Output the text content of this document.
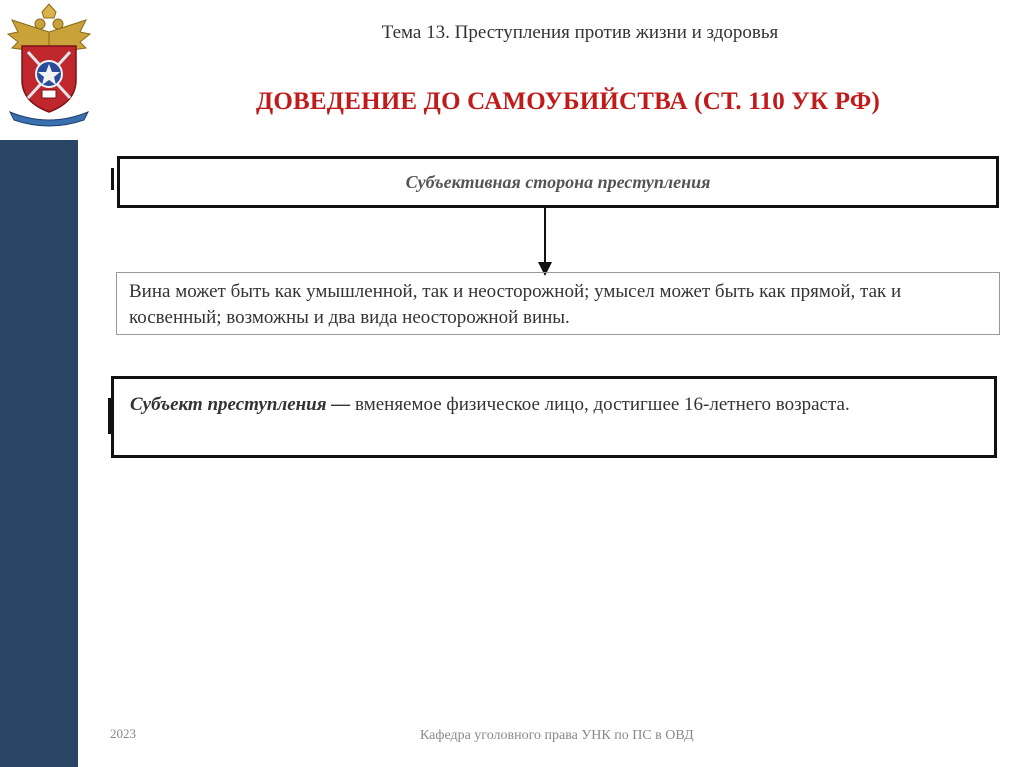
Тема 13. Преступления против жизни и здоровья
ДОВЕДЕНИЕ ДО САМОУБИЙСТВА (СТ. 110 УК РФ)
Субъективная сторона преступления
Вина может быть как умышленной, так и неосторожной; умысел может быть как прямой, так и косвенный; возможны и два вида неосторожной вины.
Субъект преступления — вменяемое физическое лицо, достигшее 16-летнего возраста.
2023	Кафедра уголовного права УНК по ПС в ОВД
